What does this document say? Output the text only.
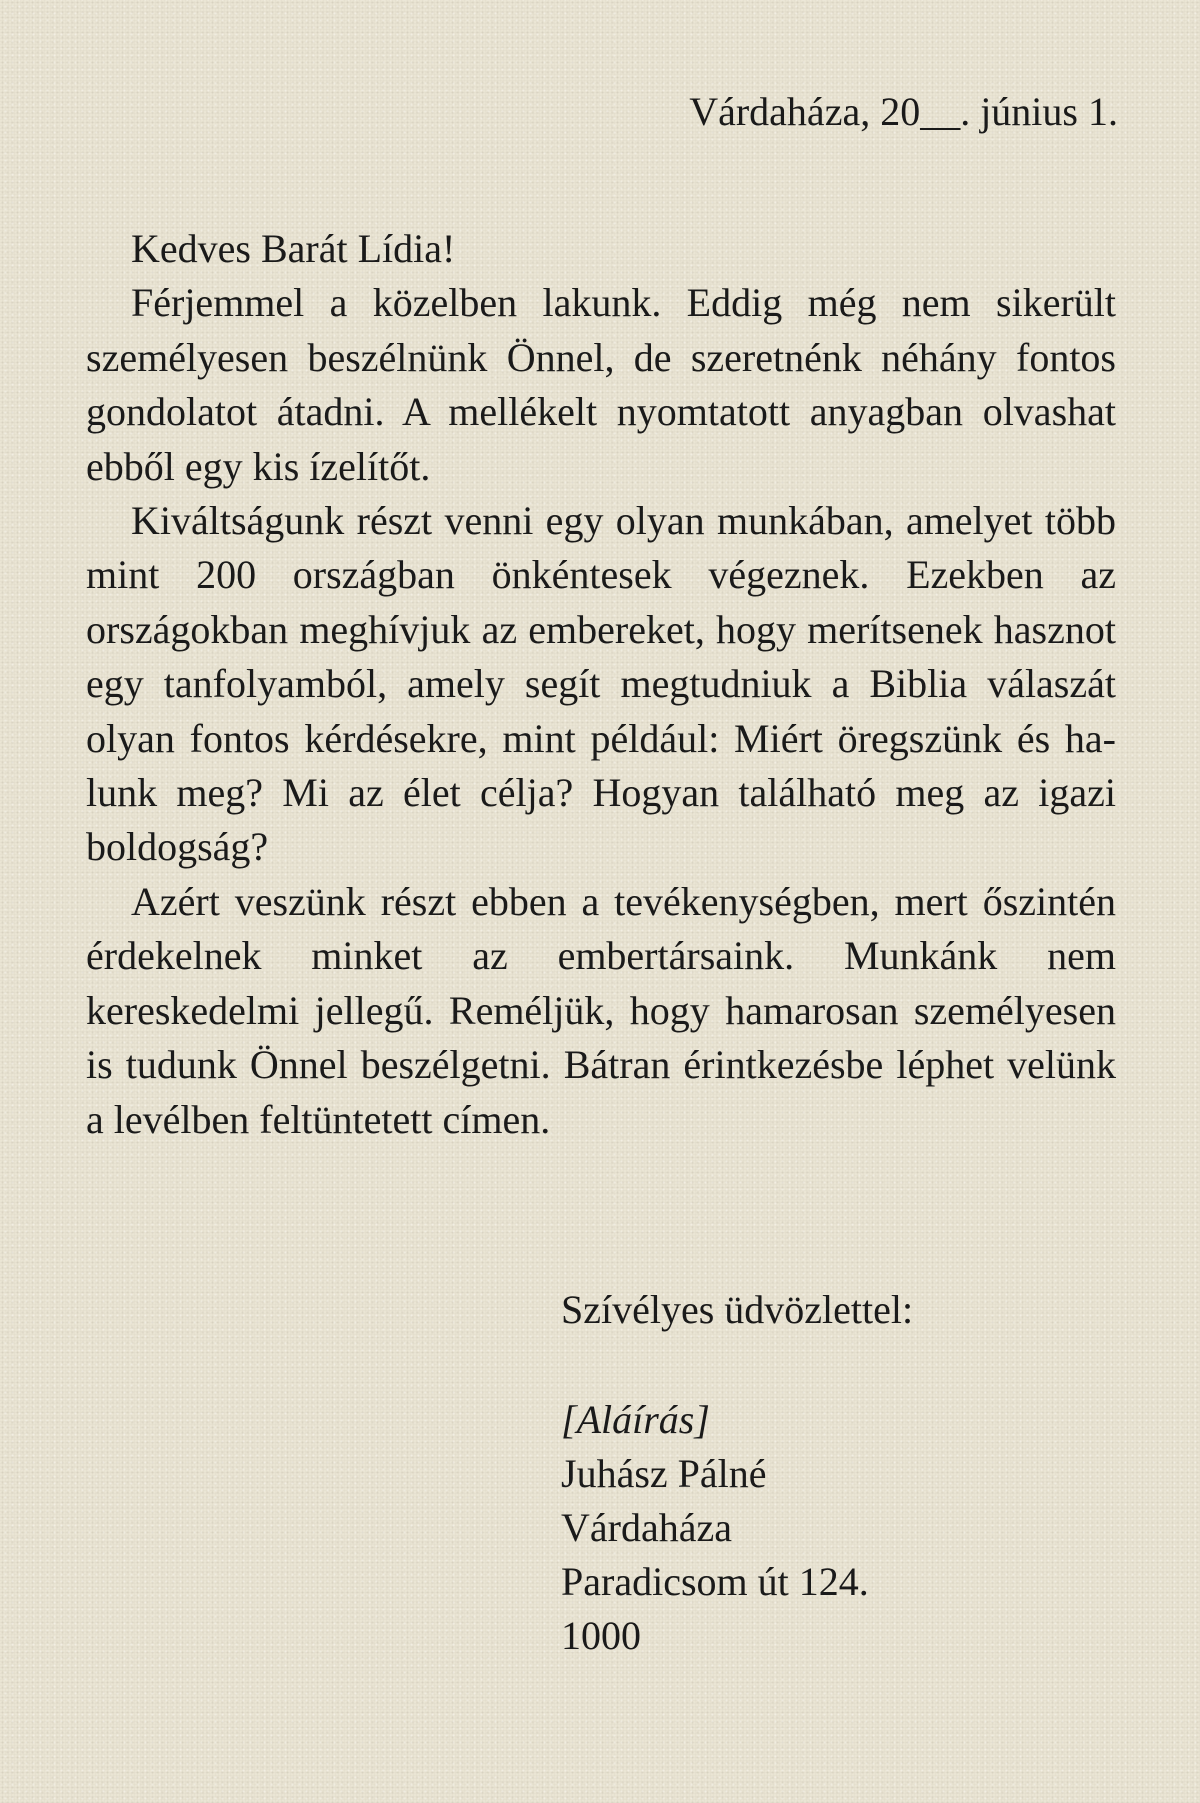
Várdaháza, 20__. június 1.

Kedves Barát Lídia!

Férjemmel a közelben lakunk. Eddig még nem sikerült személyesen beszélnünk Önnel, de szeretnénk néhány fontos gondolatot átadni. A mellékelt nyomtatott anyagban olvashat ebből egy kis ízelítőt.

Kiváltságunk részt venni egy olyan munkában, amelyet több mint 200 országban önkéntesek végeznek. Ezekben az országokban meghívjuk az embereket, hogy merítsenek hasznot egy tanfolyamból, amely segít megtudniuk a Biblia válaszát olyan fontos kérdésekre, mint például: Miért öregszünk és halunk meg? Mi az élet célja? Hogyan található meg az igazi boldogság?

Azért veszünk részt ebben a tevékenységben, mert őszintén érdekelnek minket az embertársaink. Munkánk nem kereskedelmi jellegű. Reméljük, hogy hamarosan személyesen is tudunk Önnel beszélgetni. Bátran érintkezésbe léphet velünk a levélben feltüntetett címen.

Szívélyes üdvözlettel:
[Aláírás]
Juhász Pálné
Várdaháza
Paradicsom út 124.
1000
